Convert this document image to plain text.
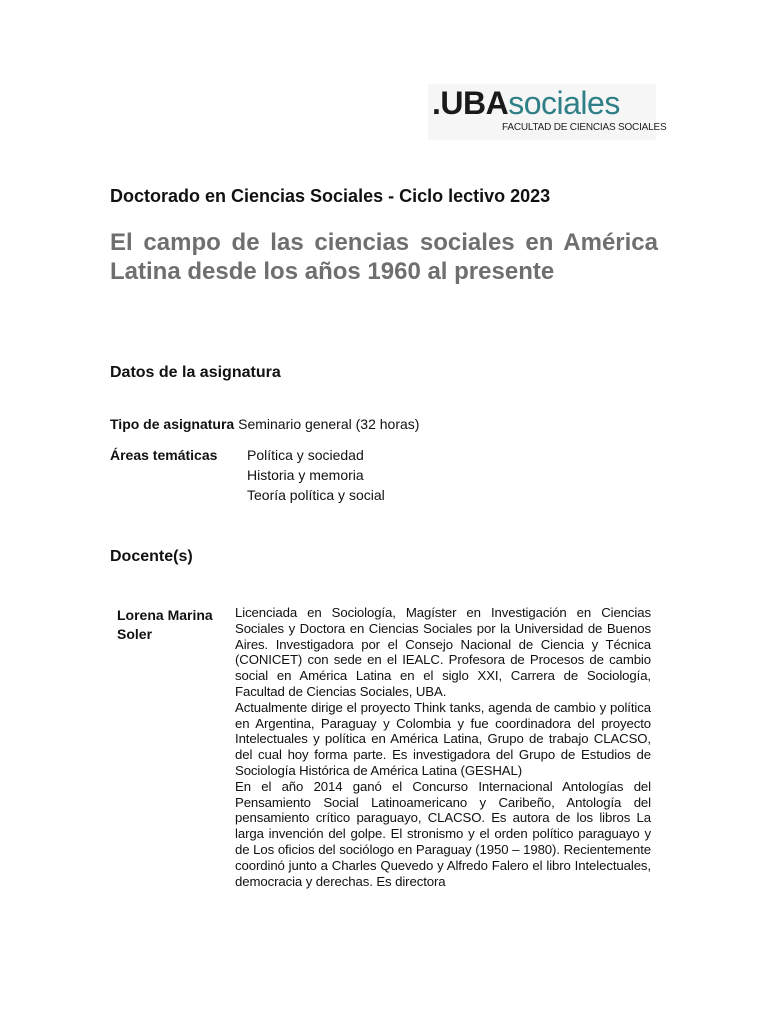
.UBAsociales
FACULTAD DE CIENCIAS SOCIALES
Doctorado en Ciencias Sociales - Ciclo lectivo 2023
El campo de las ciencias sociales en América Latina desde los años 1960 al presente
Datos de la asignatura
Tipo de asignatura Seminario general (32 horas)
Áreas temáticas Política y sociedad
Historia y memoria
Teoría política y social
Docente(s)
Lorena Marina Soler

Licenciada en Sociología, Magíster en Investigación en Ciencias Sociales y Doctora en Ciencias Sociales por la Universidad de Buenos Aires. Investigadora por el Consejo Nacional de Ciencia y Técnica (CONICET) con sede en el IEALC. Profesora de Procesos de cambio social en América Latina en el siglo XXI, Carrera de Sociología, Facultad de Ciencias Sociales, UBA.

Actualmente dirige el proyecto Think tanks, agenda de cambio y política en Argentina, Paraguay y Colombia y fue coordinadora del proyecto Intelectuales y política en América Latina, Grupo de trabajo CLACSO, del cual hoy forma parte. Es investigadora del Grupo de Estudios de Sociología Histórica de América Latina (GESHAL)

En el año 2014 ganó el Concurso Internacional Antologías del Pensamiento Social Latinoamericano y Caribeño, Antología del pensamiento crítico paraguayo, CLACSO. Es autora de los libros La larga invención del golpe. El stronismo y el orden político paraguayo y de Los oficios del sociólogo en Paraguay (1950 – 1980). Recientemente coordinó junto a Charles Quevedo y Alfredo Falero el libro Intelectuales, democracia y derechas. Es directora
